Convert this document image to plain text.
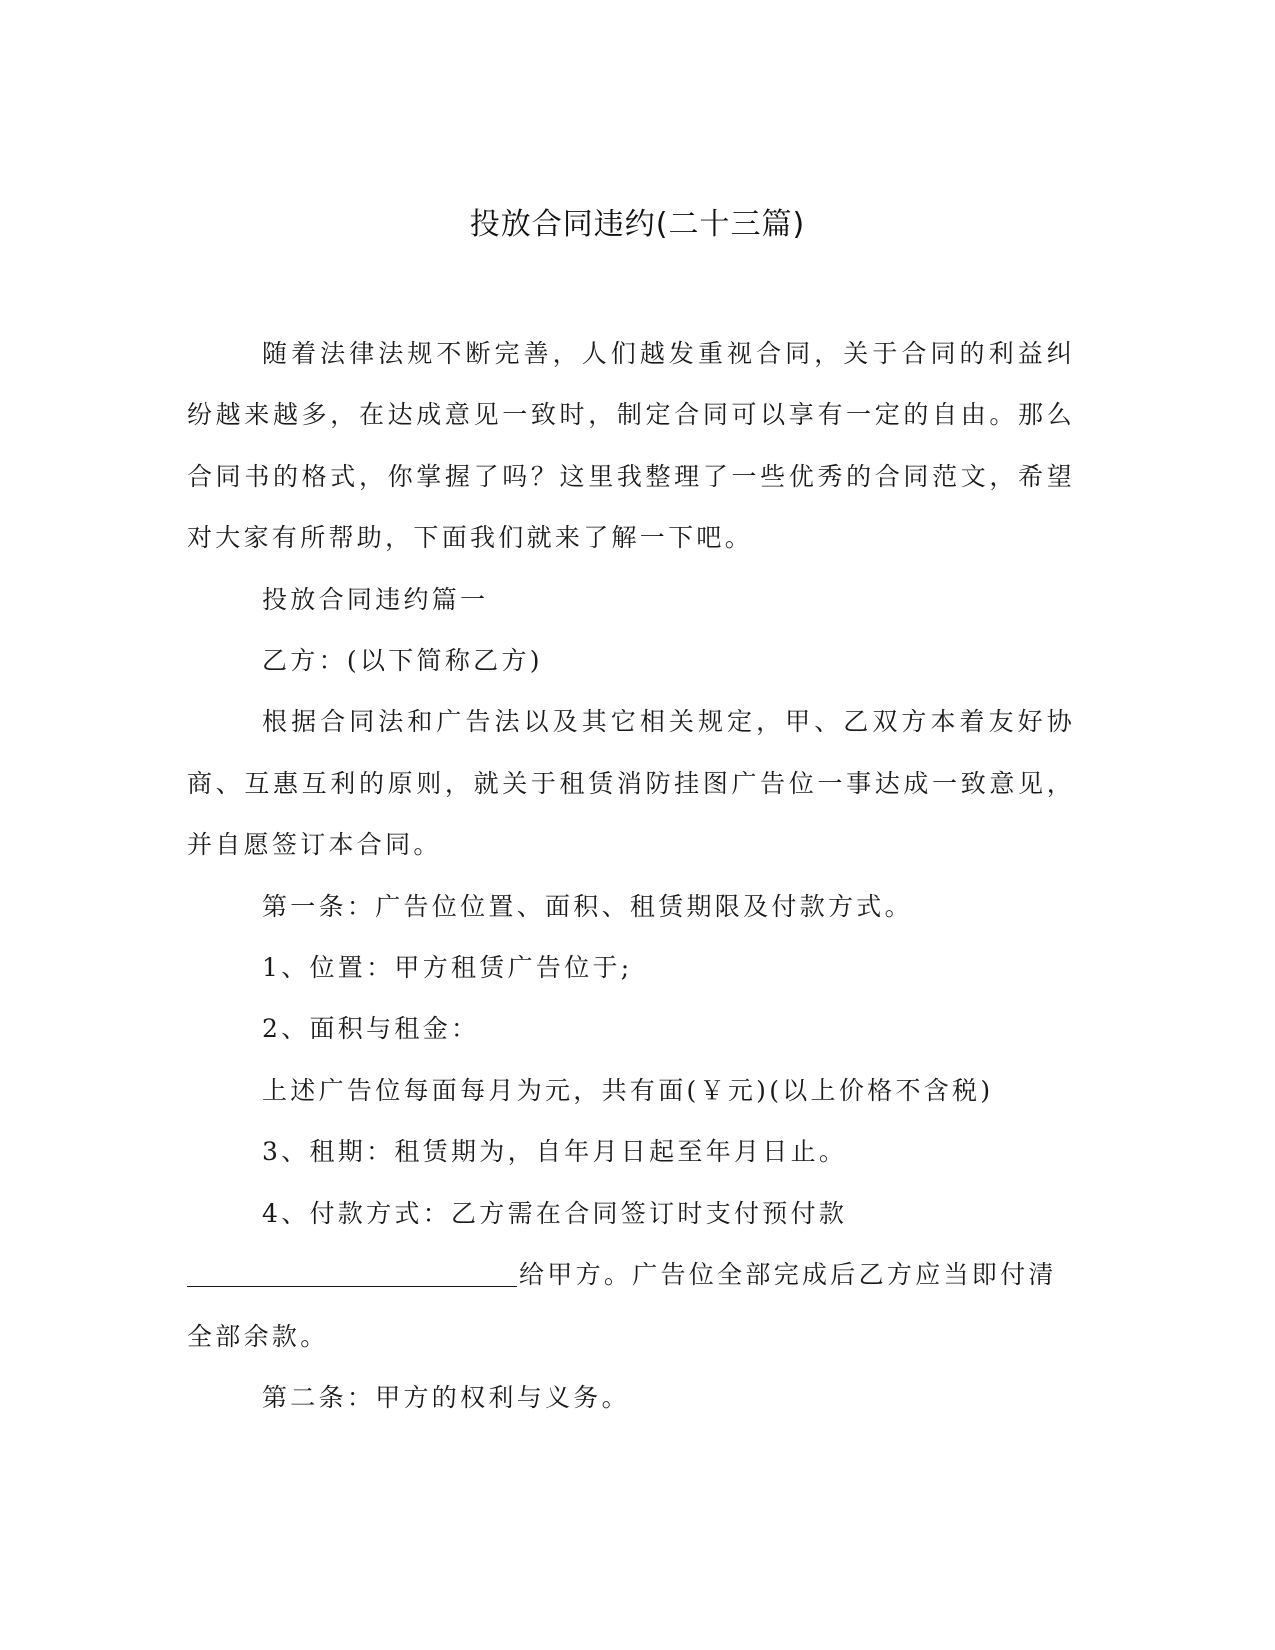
投放合同违约(二十三篇)

随着法律法规不断完善，人们越发重视合同，关于合同的利益纠纷越来越多，在达成意见一致时，制定合同可以享有一定的自由。那么合同书的格式，你掌握了吗？这里我整理了一些优秀的合同范文，希望对大家有所帮助，下面我们就来了解一下吧。

投放合同违约篇一

乙方：(以下简称乙方)

根据合同法和广告法以及其它相关规定，甲、乙双方本着友好协商、互惠互利的原则，就关于租赁消防挂图广告位一事达成一致意见，并自愿签订本合同。

第一条：广告位位置、面积、租赁期限及付款方式。

1、位置：甲方租赁广告位于;

2、面积与租金：

上述广告位每面每月为元，共有面(￥元)(以上价格不含税)

3、租期：租赁期为，自年月日起至年月日止。

4、付款方式：乙方需在合同签订时支付预付款
给甲方。广告位全部完成后乙方应当即付清
全部余款。

第二条：甲方的权利与义务。
